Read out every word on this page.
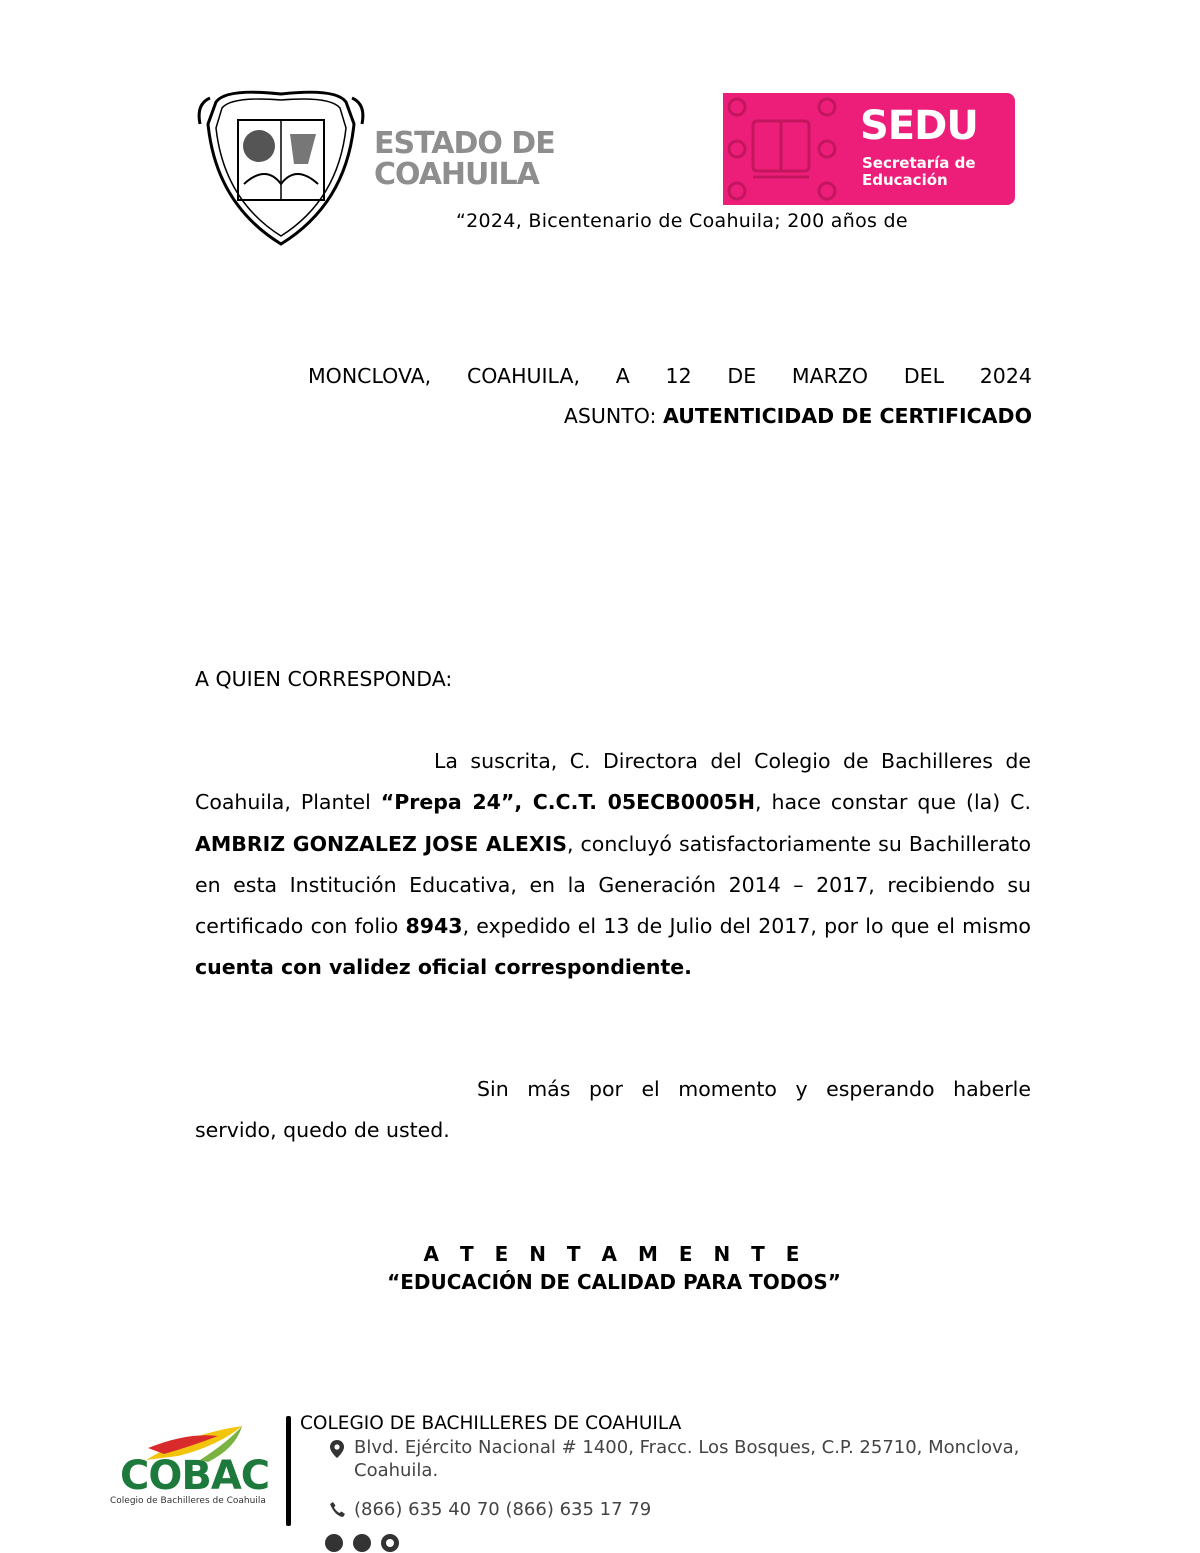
ESTADO DE
COAHUILA
SEDU
Secretaría de
Educación
“2024, Bicentenario de Coahuila; 200 años de
MONCLOVA, COAHUILA, A 12 DE MARZO DEL 2024
ASUNTO: AUTENTICIDAD DE CERTIFICADO
A QUIEN CORRESPONDA:
La suscrita, C. Directora del Colegio de Bachilleres de Coahuila, Plantel “Prepa 24”, C.C.T. 05ECB0005H, hace constar que (la) C. AMBRIZ GONZALEZ JOSE ALEXIS, concluyó satisfactoriamente su Bachillerato en esta Institución Educativa, en la Generación 2014 – 2017, recibiendo su certificado con folio 8943, expedido el 13 de Julio del 2017, por lo que el mismo cuenta con validez oficial correspondiente.
Sin más por el momento y esperando haberle servido, quedo de usted.
A T E N T A M E N T E
“EDUCACIÓN DE CALIDAD PARA TODOS”
COBAC
Colegio de Bachilleres de Coahuila
COLEGIO DE BACHILLERES DE COAHUILA
Blvd. Ejército Nacional # 1400, Fracc. Los Bosques, C.P. 25710, Monclova,
Coahuila.
(866) 635 40 70 (866) 635 17 79
